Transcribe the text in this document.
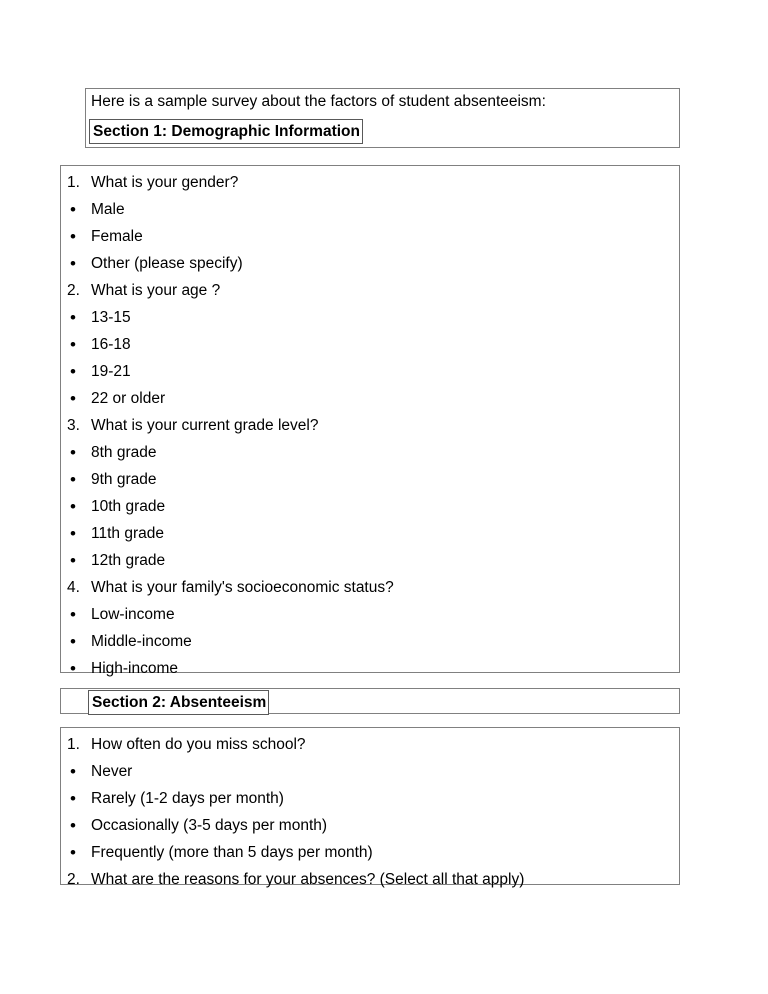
Here is a sample survey about the factors of student absenteeism:
Section 1: Demographic Information
1. What is your gender?
• Male
• Female
• Other (please specify)
2. What is your age ?
• 13-15
• 16-18
• 19-21
• 22 or older
3. What is your current grade level?
• 8th grade
• 9th grade
• 10th grade
• 11th grade
• 12th grade
4. What is your family's socioeconomic status?
• Low-income
• Middle-income
• High-income
Section 2: Absenteeism
1. How often do you miss school?
• Never
• Rarely (1-2 days per month)
• Occasionally (3-5 days per month)
• Frequently (more than 5 days per month)
2. What are the reasons for your absences? (Select all that apply)
